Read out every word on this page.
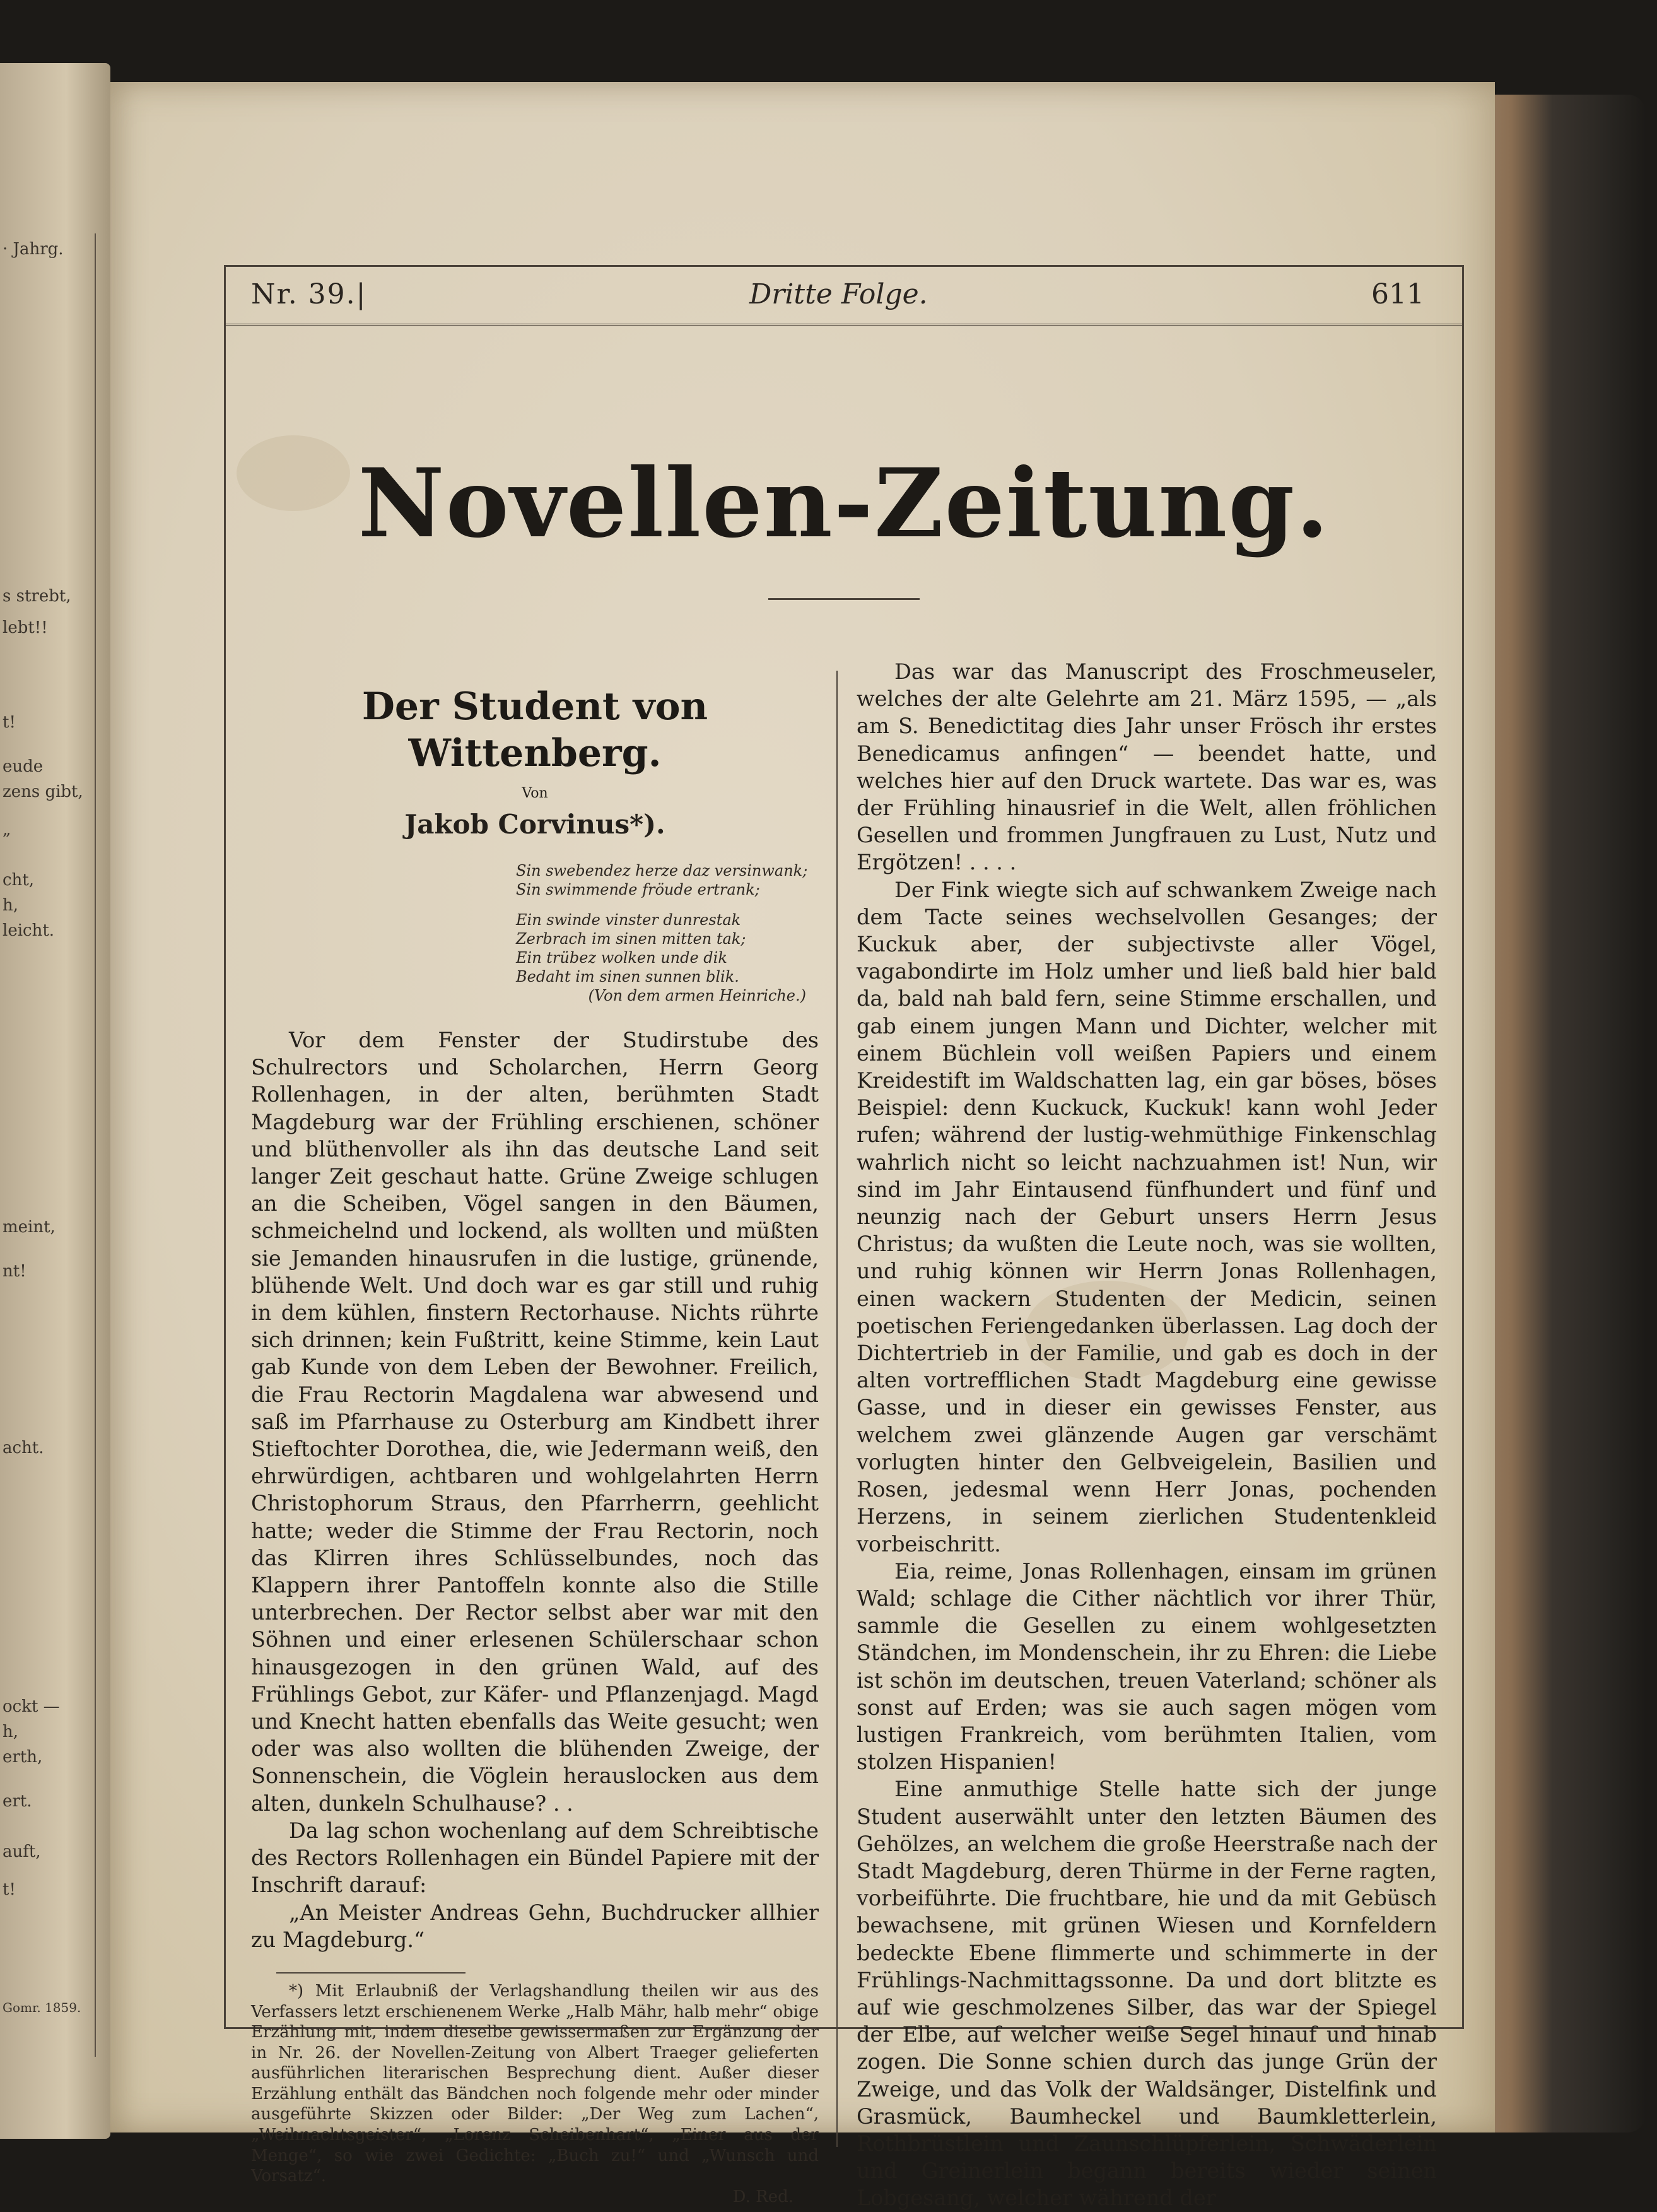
· Jahrg.
s strebt,
lebt!!
t!
eude
zens gibt,
„
cht,
h,
leicht.
meint,
nt!
acht.
ockt —
h,
erth,
ert.
auft,
t!
Gomr. 1859.
Nr. 39.|	Dritte Folge.	611
Novellen-Zeitung.
Der Student von Wittenberg.
Von
Jakob Corvinus*).
Sin swebendez herze daz versinwank;
Sin swimmende fröude ertrank;
Ein swinde vinster dunrestak
Zerbrach im sinen mitten tak;
Ein trübez wolken unde dik
Bedaht im sinen sunnen blik.
(Von dem armen Heinriche.)

Vor dem Fenster der Studirstube des Schulrectors und Scholarchen, Herrn Georg Rollenhagen, in der alten, berühmten Stadt Magdeburg war der Frühling erschienen, schöner und blüthenvoller als ihn das deutsche Land seit langer Zeit geschaut hatte. Grüne Zweige schlugen an die Scheiben, Vögel sangen in den Bäumen, schmeichelnd und lockend, als wollten und müßten sie Jemanden hinausrufen in die lustige, grünende, blühende Welt. Und doch war es gar still und ruhig in dem kühlen, finstern Rectorhause. Nichts rührte sich drinnen; kein Fußtritt, keine Stimme, kein Laut gab Kunde von dem Leben der Bewohner. Freilich, die Frau Rectorin Magdalena war abwesend und saß im Pfarrhause zu Osterburg am Kindbett ihrer Stieftochter Dorothea, die, wie Jedermann weiß, den ehrwürdigen, achtbaren und wohlgelahrten Herrn Christophorum Straus, den Pfarrherrn, geehlicht hatte; weder die Stimme der Frau Rectorin, noch das Klirren ihres Schlüsselbundes, noch das Klappern ihrer Pantoffeln konnte also die Stille unterbrechen. Der Rector selbst aber war mit den Söhnen und einer erlesenen Schülerschaar schon hinausgezogen in den grünen Wald, auf des Frühlings Gebot, zur Käfer- und Pflanzenjagd. Magd und Knecht hatten ebenfalls das Weite gesucht; wen oder was also wollten die blühenden Zweige, der Sonnenschein, die Vöglein herauslocken aus dem alten, dunkeln Schulhause? . .

Da lag schon wochenlang auf dem Schreibtische des Rectors Rollenhagen ein Bündel Papiere mit der Inschrift darauf:

„An Meister Andreas Gehn, Buchdrucker allhier zu Magdeburg.“

*) Mit Erlaubniß der Verlagshandlung theilen wir aus des Verfassers letzt erschienenem Werke „Halb Mähr, halb mehr“ obige Erzählung mit, indem dieselbe gewissermaßen zur Ergänzung der in Nr. 26. der Novellen-Zeitung von Albert Traeger gelieferten ausführlichen literarischen Besprechung dient. Außer dieser Erzählung enthält das Bändchen noch folgende mehr oder minder ausgeführte Skizzen oder Bilder: „Der Weg zum Lachen“, „Weihnachtsgeister“, „Lorenz Scheibenhart“, „Einer aus der Menge“, so wie zwei Gedichte: „Buch zu!“ und „Wunsch und Vorsatz“.
D. Red.

Das war das Manuscript des Froschmeuseler, welches der alte Gelehrte am 21. März 1595, — „als am S. Benedictitag dies Jahr unser Frösch ihr erstes Benedicamus anfingen“ — beendet hatte, und welches hier auf den Druck wartete. Das war es, was der Frühling hinausrief in die Welt, allen fröhlichen Gesellen und frommen Jungfrauen zu Lust, Nutz und Ergötzen! . . . .

Der Fink wiegte sich auf schwankem Zweige nach dem Tacte seines wechselvollen Gesanges; der Kuckuk aber, der subjectivste aller Vögel, vagabondirte im Holz umher und ließ bald hier bald da, bald nah bald fern, seine Stimme erschallen, und gab einem jungen Mann und Dichter, welcher mit einem Büchlein voll weißen Papiers und einem Kreidestift im Waldschatten lag, ein gar böses, böses Beispiel: denn Kuckuck, Kuckuk! kann wohl Jeder rufen; während der lustig-wehmüthige Finkenschlag wahrlich nicht so leicht nachzuahmen ist! Nun, wir sind im Jahr Eintausend fünfhundert und fünf und neunzig nach der Geburt unsers Herrn Jesus Christus; da wußten die Leute noch, was sie wollten, und ruhig können wir Herrn Jonas Rollenhagen, einen wackern Studenten der Medicin, seinen poetischen Feriengedanken überlassen. Lag doch der Dichtertrieb in der Familie, und gab es doch in der alten vortrefflichen Stadt Magdeburg eine gewisse Gasse, und in dieser ein gewisses Fenster, aus welchem zwei glänzende Augen gar verschämt vorlugten hinter den Gelbveigelein, Basilien und Rosen, jedesmal wenn Herr Jonas, pochenden Herzens, in seinem zierlichen Studentenkleid vorbeischritt.

Eia, reime, Jonas Rollenhagen, einsam im grünen Wald; schlage die Cither nächtlich vor ihrer Thür, sammle die Gesellen zu einem wohlgesetzten Ständchen, im Mondenschein, ihr zu Ehren: die Liebe ist schön im deutschen, treuen Vaterland; schöner als sonst auf Erden; was sie auch sagen mögen vom lustigen Frankreich, vom berühmten Italien, vom stolzen Hispanien!

Eine anmuthige Stelle hatte sich der junge Student auserwählt unter den letzten Bäumen des Gehölzes, an welchem die große Heerstraße nach der Stadt Magdeburg, deren Thürme in der Ferne ragten, vorbeiführte. Die fruchtbare, hie und da mit Gebüsch bewachsene, mit grünen Wiesen und Kornfeldern bedeckte Ebene flimmerte und schimmerte in der Frühlings-Nachmittagssonne. Da und dort blitzte es auf wie geschmolzenes Silber, das war der Spiegel der Elbe, auf welcher weiße Segel hinauf und hinab zogen. Die Sonne schien durch das junge Grün der Zweige, und das Volk der Waldsänger, Distelfink und Grasmück, Baumheckel und Baumkletterlein, Rothbrüstlein und Zaunschlüpferlein, Schwäderlein und Greinerlein begann bereits wieder seinen Lobgesang, welcher während der
